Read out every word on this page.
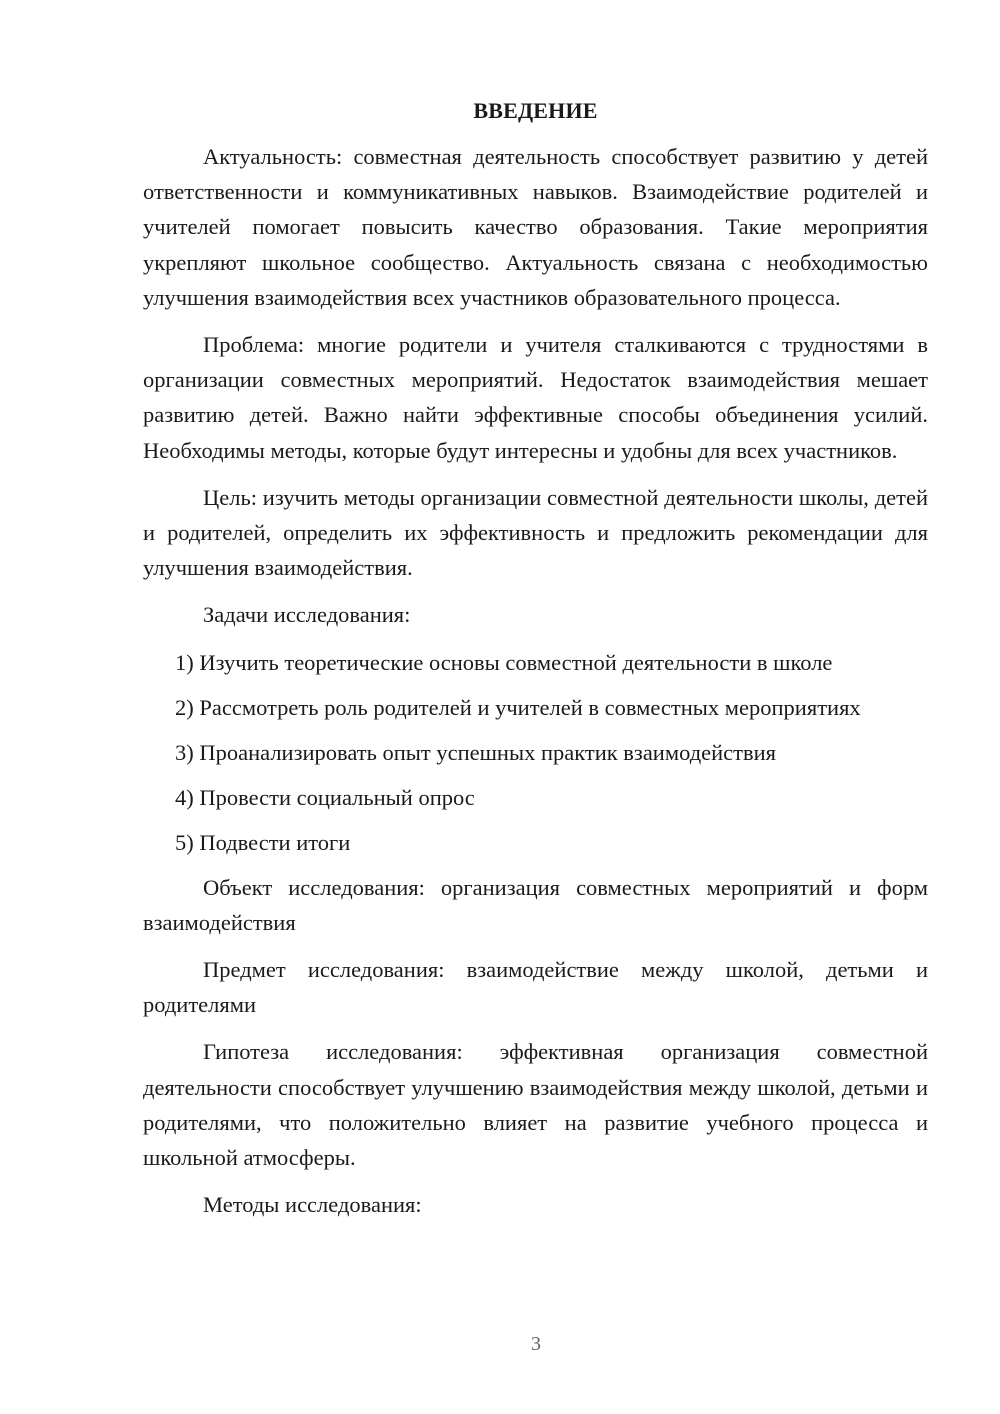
ВВЕДЕНИЕ

Актуальность: совместная деятельность способствует развитию у детей ответственности и коммуникативных навыков. Взаимодействие родителей и учителей помогает повысить качество образования. Такие мероприятия укрепляют школьное сообщество. Актуальность связана с необходимостью улучшения взаимодействия всех участников образовательного процесса.

Проблема: многие родители и учителя сталкиваются с трудностями в организации совместных мероприятий. Недостаток взаимодействия мешает развитию детей. Важно найти эффективные способы объединения усилий. Необходимы методы, которые будут интересны и удобны для всех участников.

Цель: изучить методы организации совместной деятельности школы, детей и родителей, определить их эффективность и предложить рекомендации для улучшения взаимодействия.

Задачи исследования:

1) Изучить теоретические основы совместной деятельности в школе
2) Рассмотреть роль родителей и учителей в совместных мероприятиях
3) Проанализировать опыт успешных практик взаимодействия
4) Провести социальный опрос
5) Подвести итоги

Объект исследования: организация совместных мероприятий и форм взаимодействия

Предмет исследования: взаимодействие между школой, детьми и родителями

Гипотеза исследования: эффективная организация совместной деятельности способствует улучшению взаимодействия между школой, детьми и родителями, что положительно влияет на развитие учебного процесса и школьной атмосферы.

Методы исследования:

3
